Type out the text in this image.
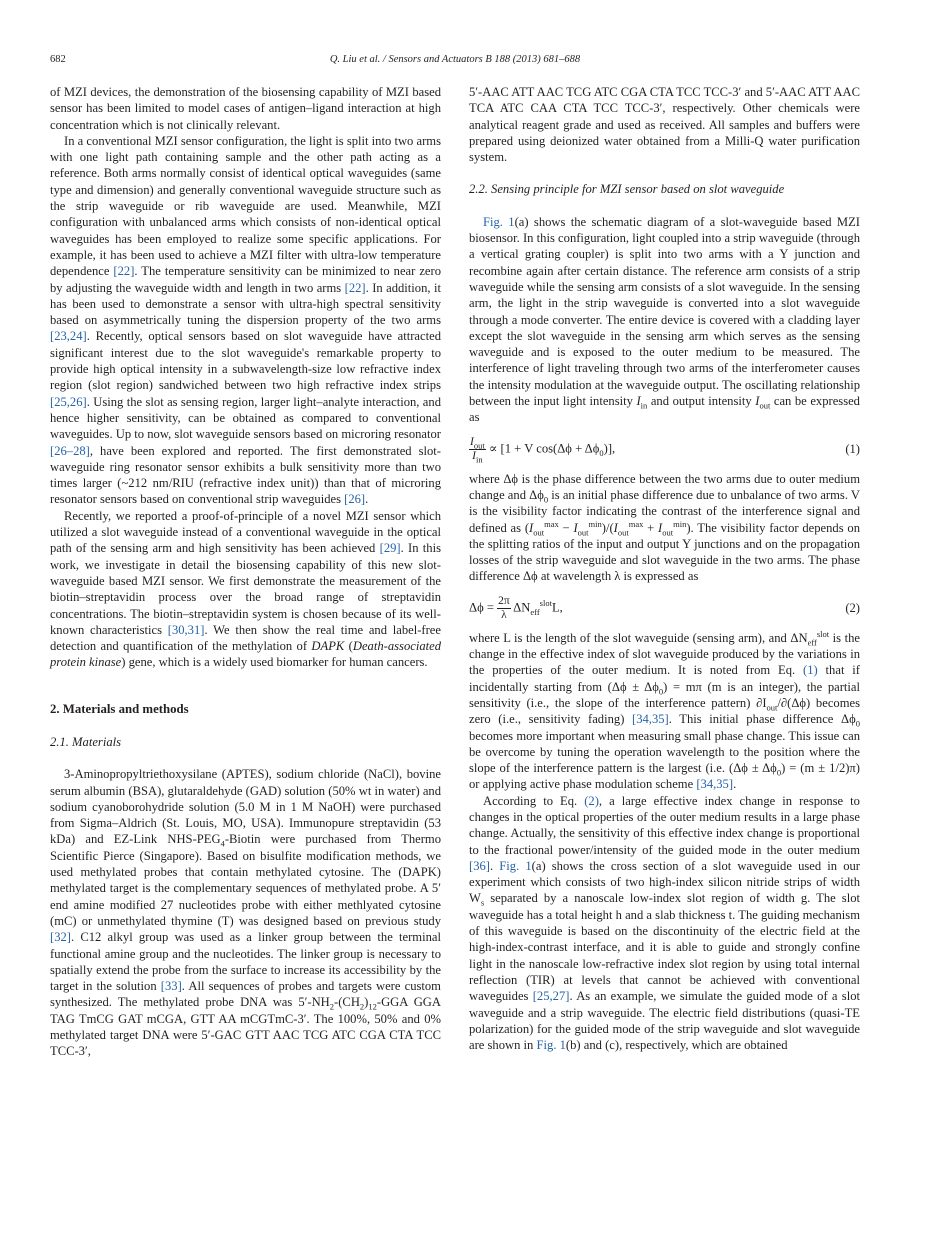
682	Q. Liu et al. / Sensors and Actuators B 188 (2013) 681–688

of MZI devices, the demonstration of the biosensing capability of MZI based sensor has been limited to model cases of antigen–ligand interaction at high concentration which is not clinically relevant.

In a conventional MZI sensor configuration, the light is split into two arms with one light path containing sample and the other path acting as a reference. Both arms normally consist of identical optical waveguides (same type and dimension) and generally conventional waveguide structure such as the strip waveguide or rib waveguide are used. Meanwhile, MZI configuration with unbalanced arms which consists of non-identical optical waveguides has been employed to realize some specific applications. For example, it has been used to achieve a MZI filter with ultra-low temperature dependence [22]. The temperature sensitivity can be minimized to near zero by adjusting the waveguide width and length in two arms [22]. In addition, it has been used to demonstrate a sensor with ultra-high spectral sensitivity based on asymmetrically tuning the dispersion property of the two arms [23,24]. Recently, optical sensors based on slot waveguide have attracted significant interest due to the slot waveguide's remarkable property to provide high optical intensity in a subwavelength-size low refractive index region (slot region) sandwiched between two high refractive index strips [25,26]. Using the slot as sensing region, larger light–analyte interaction, and hence higher sensitivity, can be obtained as compared to conventional waveguides. Up to now, slot waveguide sensors based on microring resonator [26–28], have been explored and reported. The first demonstrated slot-waveguide ring resonator sensor exhibits a bulk sensitivity more than two times larger (~212 nm/RIU (refractive index unit)) than that of microring resonator sensors based on conventional strip waveguides [26].

Recently, we reported a proof-of-principle of a novel MZI sensor which utilized a slot waveguide instead of a conventional waveguide in the optical path of the sensing arm and high sensitivity has been achieved [29]. In this work, we investigate in detail the biosensing capability of this new slot-waveguide based MZI sensor. We first demonstrate the measurement of the biotin–streptavidin process over the broad range of streptavidin concentrations. The biotin–streptavidin system is chosen because of its well-known characteristics [30,31]. We then show the real time and label-free detection and quantification of the methylation of DAPK (Death-associated protein kinase) gene, which is a widely used biomarker for human cancers.

2. Materials and methods
2.1. Materials

3-Aminopropyltriethoxysilane (APTES), sodium chloride (NaCl), bovine serum albumin (BSA), glutaraldehyde (GAD) solution (50% wt in water) and sodium cyanoborohydride solution (5.0 M in 1 M NaOH) were purchased from Sigma–Aldrich (St. Louis, MO, USA). Immunopure streptavidin (53 kDa) and EZ-Link NHS-$PEG_4$-Biotin were purchased from Thermo Scientific Pierce (Singapore). Based on bisulfite modification methods, we used methylated probes that contain methylated cytosine. The (DAPK) methylated target is the complementary sequences of methylated probe. A 5′ end amine modified 27 nucleotides probe with either methlyated cytosine (mC) or unmethylated thymine (T) was designed based on previous study [32]. C12 alkyl group was used as a linker group between the terminal functional amine group and the nucleotides. The linker group is necessary to spatially extend the probe from the surface to increase its accessibility by the target in the solution [33]. All sequences of probes and targets were custom synthesized. The methylated probe DNA was $5'-NH_2-(CH_2)_{12}$-GGA GGA TAG TmCG GAT mCGA, GTT AA mCGTmC-3′. The 100%, 50% and 0% methylated target DNA were 5′-GAC GTT AAC TCG ATC CGA CTA TCC TCC-3′,

5′-AAC ATT AAC TCG ATC CGA CTA TCC TCC-3′ and 5′-AAC ATT AAC TCA ATC CAA CTA TCC TCC-3′, respectively. Other chemicals were analytical reagent grade and used as received. All samples and buffers were prepared using deionized water obtained from a Milli-Q water purification system.

2.2. Sensing principle for MZI sensor based on slot waveguide

Fig. 1(a) shows the schematic diagram of a slot-waveguide based MZI biosensor. In this configuration, light coupled into a strip waveguide (through a vertical grating coupler) is split into two arms with a Y junction and recombine again after certain distance. The reference arm consists of a strip waveguide while the sensing arm consists of a slot waveguide. In the sensing arm, the light in the strip waveguide is converted into a slot waveguide through a mode converter. The entire device is covered with a cladding layer except the slot waveguide in the sensing arm which serves as the sensing waveguide and is exposed to the outer medium to be measured. The interference of light traveling through two arms of the interferometer causes the intensity modulation at the waveguide output. The oscillating relationship between the input light intensity $I_{in}$ and output intensity $I_{out}$ can be expressed as

$\frac{I_{out}}{I_{in}} \propto [1 + V$ $\cos(\Delta\phi + \Delta\phi_0)$],	(1)

where Δϕ is the phase difference between the two arms due to outer medium change and $\Delta\phi_0$ is an initial phase difference due to unbalance of two arms. V is the visibility factor indicating the contrast of the interference signal and defined as $(I_{out}^{max} - I_{out}^{min})/(I_{out}^{max} + I_{out}^{min})$. The visibility factor depends on the splitting ratios of the input and output Y junctions and on the propagation losses of the strip waveguide and slot waveguide in the two arms. The phase difference Δϕ at wavelength λ is expressed as

$\Delta\phi = \frac{2\pi}{\lambda} \Delta N_{eff}^{slot}L$,	(2)

where L is the length of the slot waveguide (sensing arm), and $\Delta N_{eff}^{slot}$ is the change in the effective index of slot waveguide produced by the variations in the properties of the outer medium. It is noted from Eq. (1) that if incidentally starting from $(\Delta\phi \pm \Delta\phi_0) = m\pi$ (m is an integer), the partial sensitivity (i.e., the slope of the interference pattern) $\partial I_{out}/\partial(\Delta\phi)$ becomes zero (i.e., sensitivity fading) [34,35]. This initial phase difference $\Delta\phi_0$ becomes more important when measuring small phase change. This issue can be overcome by tuning the operation wavelength to the position where the slope of the interference pattern is the largest (i.e. $(\Delta\phi \pm \Delta\phi_0) = (m \pm 1/2)\pi$) or applying active phase modulation scheme [34,35].

According to Eq. (2), a large effective index change in response to changes in the optical properties of the outer medium results in a large phase change. Actually, the sensitivity of this effective index change is proportional to the fractional power/intensity of the guided mode in the outer medium [36]. Fig. 1(a) shows the cross section of a slot waveguide used in our experiment which consists of two high-index silicon nitride strips of width $W_s$ separated by a nanoscale low-index slot region of width g. The slot waveguide has a total height h and a slab thickness t. The guiding mechanism of this waveguide is based on the discontinuity of the electric field at the high-index-contrast interface, and it is able to guide and strongly confine light in the nanoscale low-refractive index slot region by using total internal reflection (TIR) at levels that cannot be achieved with conventional waveguides [25,27]. As an example, we simulate the guided mode of a slot waveguide and a strip waveguide. The electric field distributions (quasi-TE polarization) for the guided mode of the strip waveguide and slot waveguide are shown in Fig. 1(b) and (c), respectively, which are obtained
